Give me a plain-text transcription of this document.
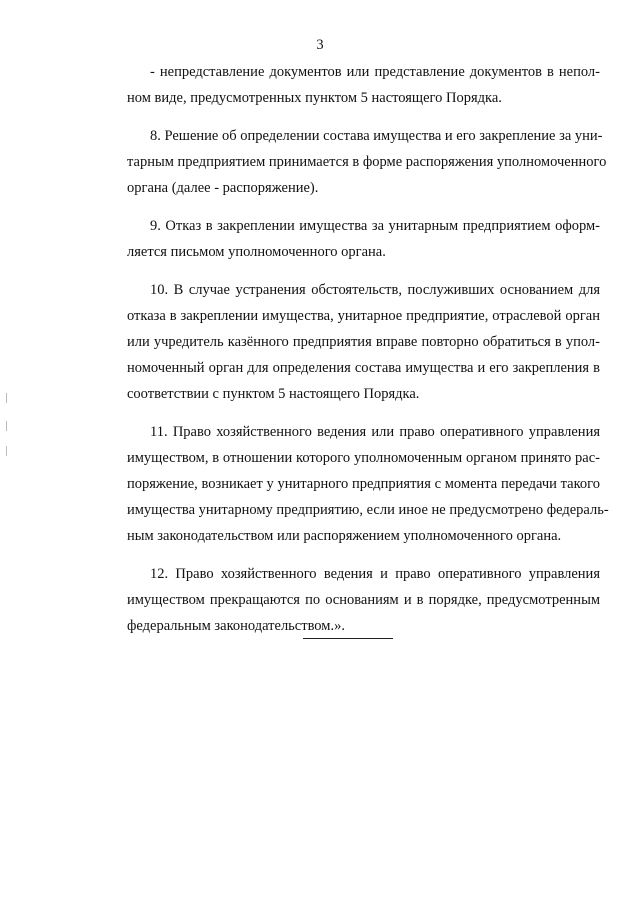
3
- непредставление документов или представление документов в непол-
ном виде, предусмотренных пунктом 5 настоящего Порядка.
8. Решение об определении состава имущества и его закрепление за уни-
тарным предприятием принимается в форме распоряжения уполномоченного
органа (далее - распоряжение).
9. Отказ в закреплении имущества за унитарным предприятием оформ-
ляется письмом уполномоченного органа.
10. В случае устранения обстоятельств, послуживших основанием для
отказа в закреплении имущества, унитарное предприятие, отраслевой орган
или учредитель казённого предприятия вправе повторно обратиться в упол-
номоченный орган для определения состава имущества и его закрепления в
соответствии с пунктом 5 настоящего Порядка.
11. Право хозяйственного ведения или право оперативного управления
имуществом, в отношении которого уполномоченным органом принято рас-
поряжение, возникает у унитарного предприятия с момента передачи такого
имущества унитарному предприятию, если иное не предусмотрено федераль-
ным законодательством или распоряжением уполномоченного органа.
12. Право хозяйственного ведения и право оперативного управления
имуществом прекращаются по основаниям и в порядке, предусмотренным
федеральным законодательством.».
